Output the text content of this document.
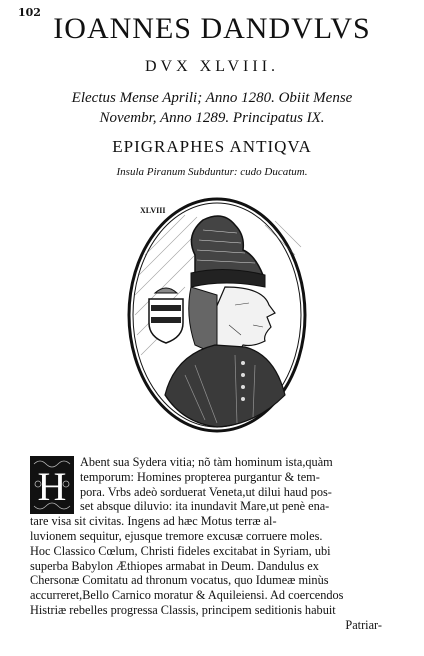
102 IOANNES DANDVLVS
DVX XLVIII.
Electus Mense Aprili; Anno 1280. Obiit Mense
Novembr, Anno 1289. Principatus IX.
EPIGRAPHES ANTIQVA
Insula Piranum Subduntur: cudo Ducatum.
XLVIII
H
Abent sua Sydera vitia; nõ tàm hominum ista,quàm
temporum: Homines propterea purgantur & tem-
pora. Vrbs adeò sorduerat Veneta,ut dilui haud pos-
set absque diluvio: ita inundavit Mare,ut penè ena-
tare visa sit civitas. Ingens ad hæc Motus terræ al-
luvionem sequitur, ejusque tremore excusæ corruere moles.
Hoc Classico Cœlum, Christi fideles excitabat in Syriam, ubi
superba Babylon Æthiopes armabat in Deum. Dandulus ex
Chersonæ Comitatu ad thronum vocatus, quo Idumeæ minùs
accurreret,Bello Carnico moratur & Aquileiensi. Ad coercendos
Histriæ rebelles progressa Classis, principem seditionis habuit
Patriar-
